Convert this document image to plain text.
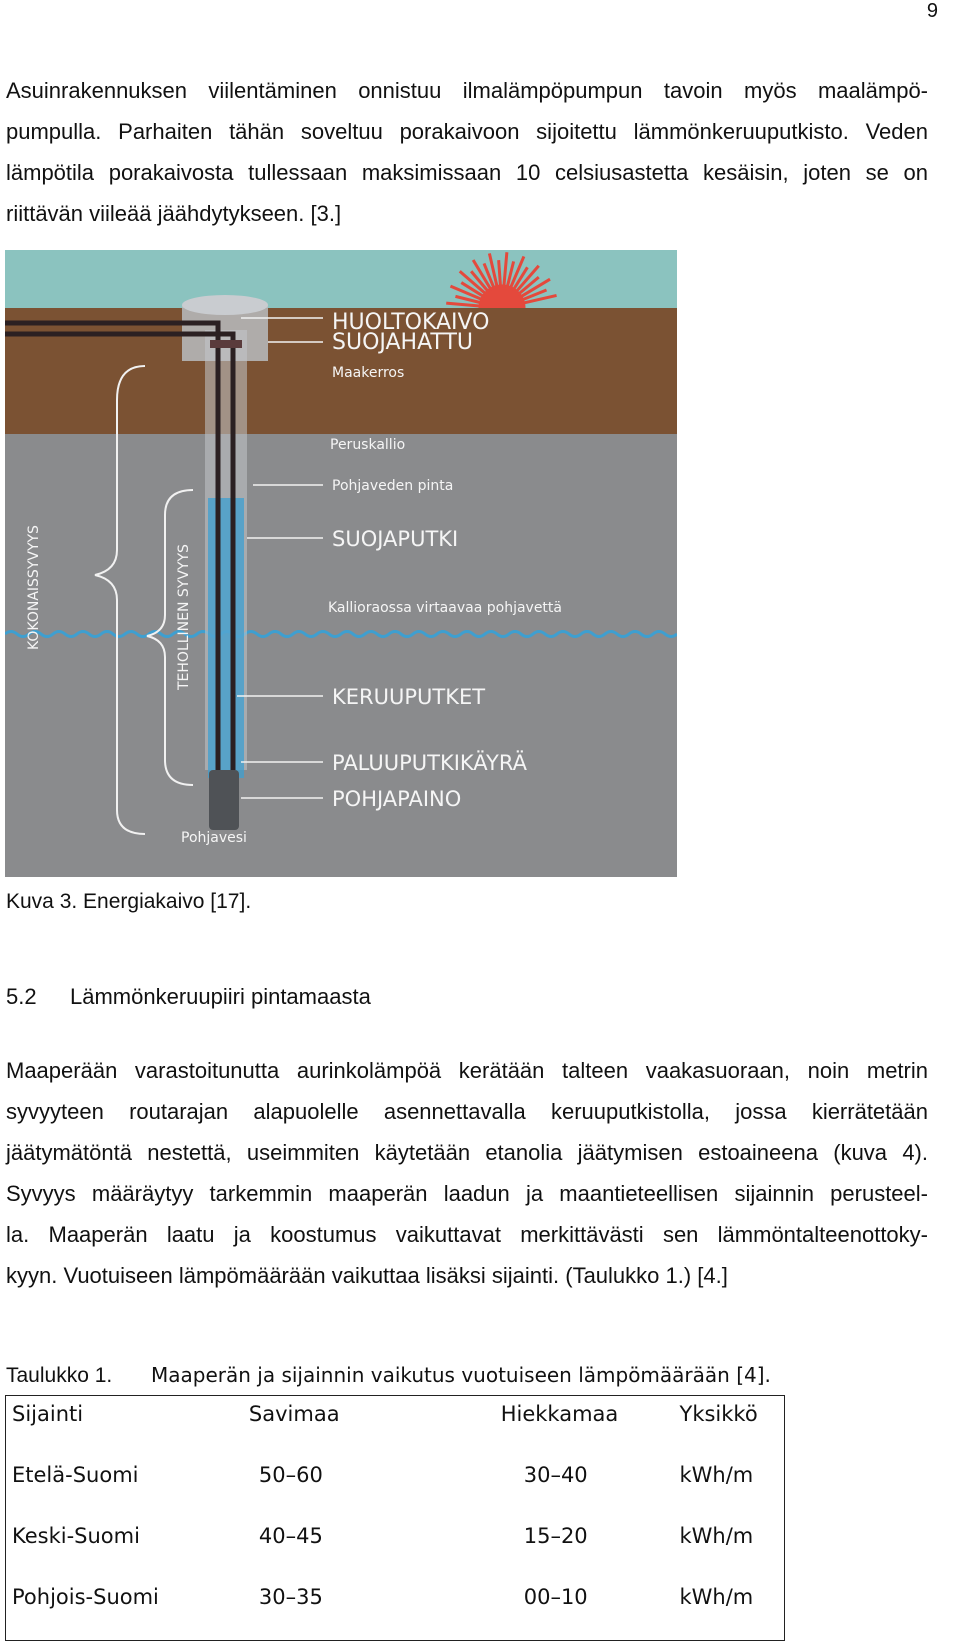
9

Asuinrakennuksen viilentäminen onnistuu ilmalämpöpumpun tavoin myös maalämpö-
pumpulla. Parhaiten tähän soveltuu porakaivoon sijoitettu lämmönkeruuputkisto. Veden
lämpötila porakaivosta tullessaan maksimissaan 10 celsiusastetta kesäisin, joten se on
riittävän viileää jäähdytykseen. [3.]

HUOLTOKAIVO
SUOJAHATTU
Maakerros
Peruskallio
Pohjaveden pinta
SUOJAPUTKI
Kallioraossa virtaavaa pohjavettä
KERUUPUTKET
PALUUPUTKIKÄYRÄ
POHJAPAINO
Pohjavesi
KOKONAISSYVYYS	TEHOLLINEN SYVYYS
Kuva 3. Energiakaivo [17].
5.2 Lämmönkeruupiiri pintamaasta

Maaperään varastoitunutta aurinkolämpöä kerätään talteen vaakasuoraan, noin metrin
syvyyteen routarajan alapuolelle asennettavalla keruuputkistolla, jossa kierrätetään
jäätymätöntä nestettä, useimmiten käytetään etanolia jäätymisen estoaineena (kuva 4).
Syvyys määräytyy tarkemmin maaperän laadun ja maantieteellisen sijainnin perusteel-
la. Maaperän laatu ja koostumus vaikuttavat merkittävästi sen lämmöntalteenottoky-
kyyn. Vuotuiseen lämpömäärään vaikuttaa lisäksi sijainti. (Taulukko 1.) [4.]

Taulukko 1. Maaperän ja sijainnin vaikutus vuotuiseen lämpömäärään [4].
Sijainti	Savimaa	Hiekkamaa	Yksikkö

Etelä-Suomi	50–60	30–40	kWh/m

Keski-Suomi	40–45	15–20	kWh/m

Pohjois-Suomi	30–35	00–10	kWh/m
